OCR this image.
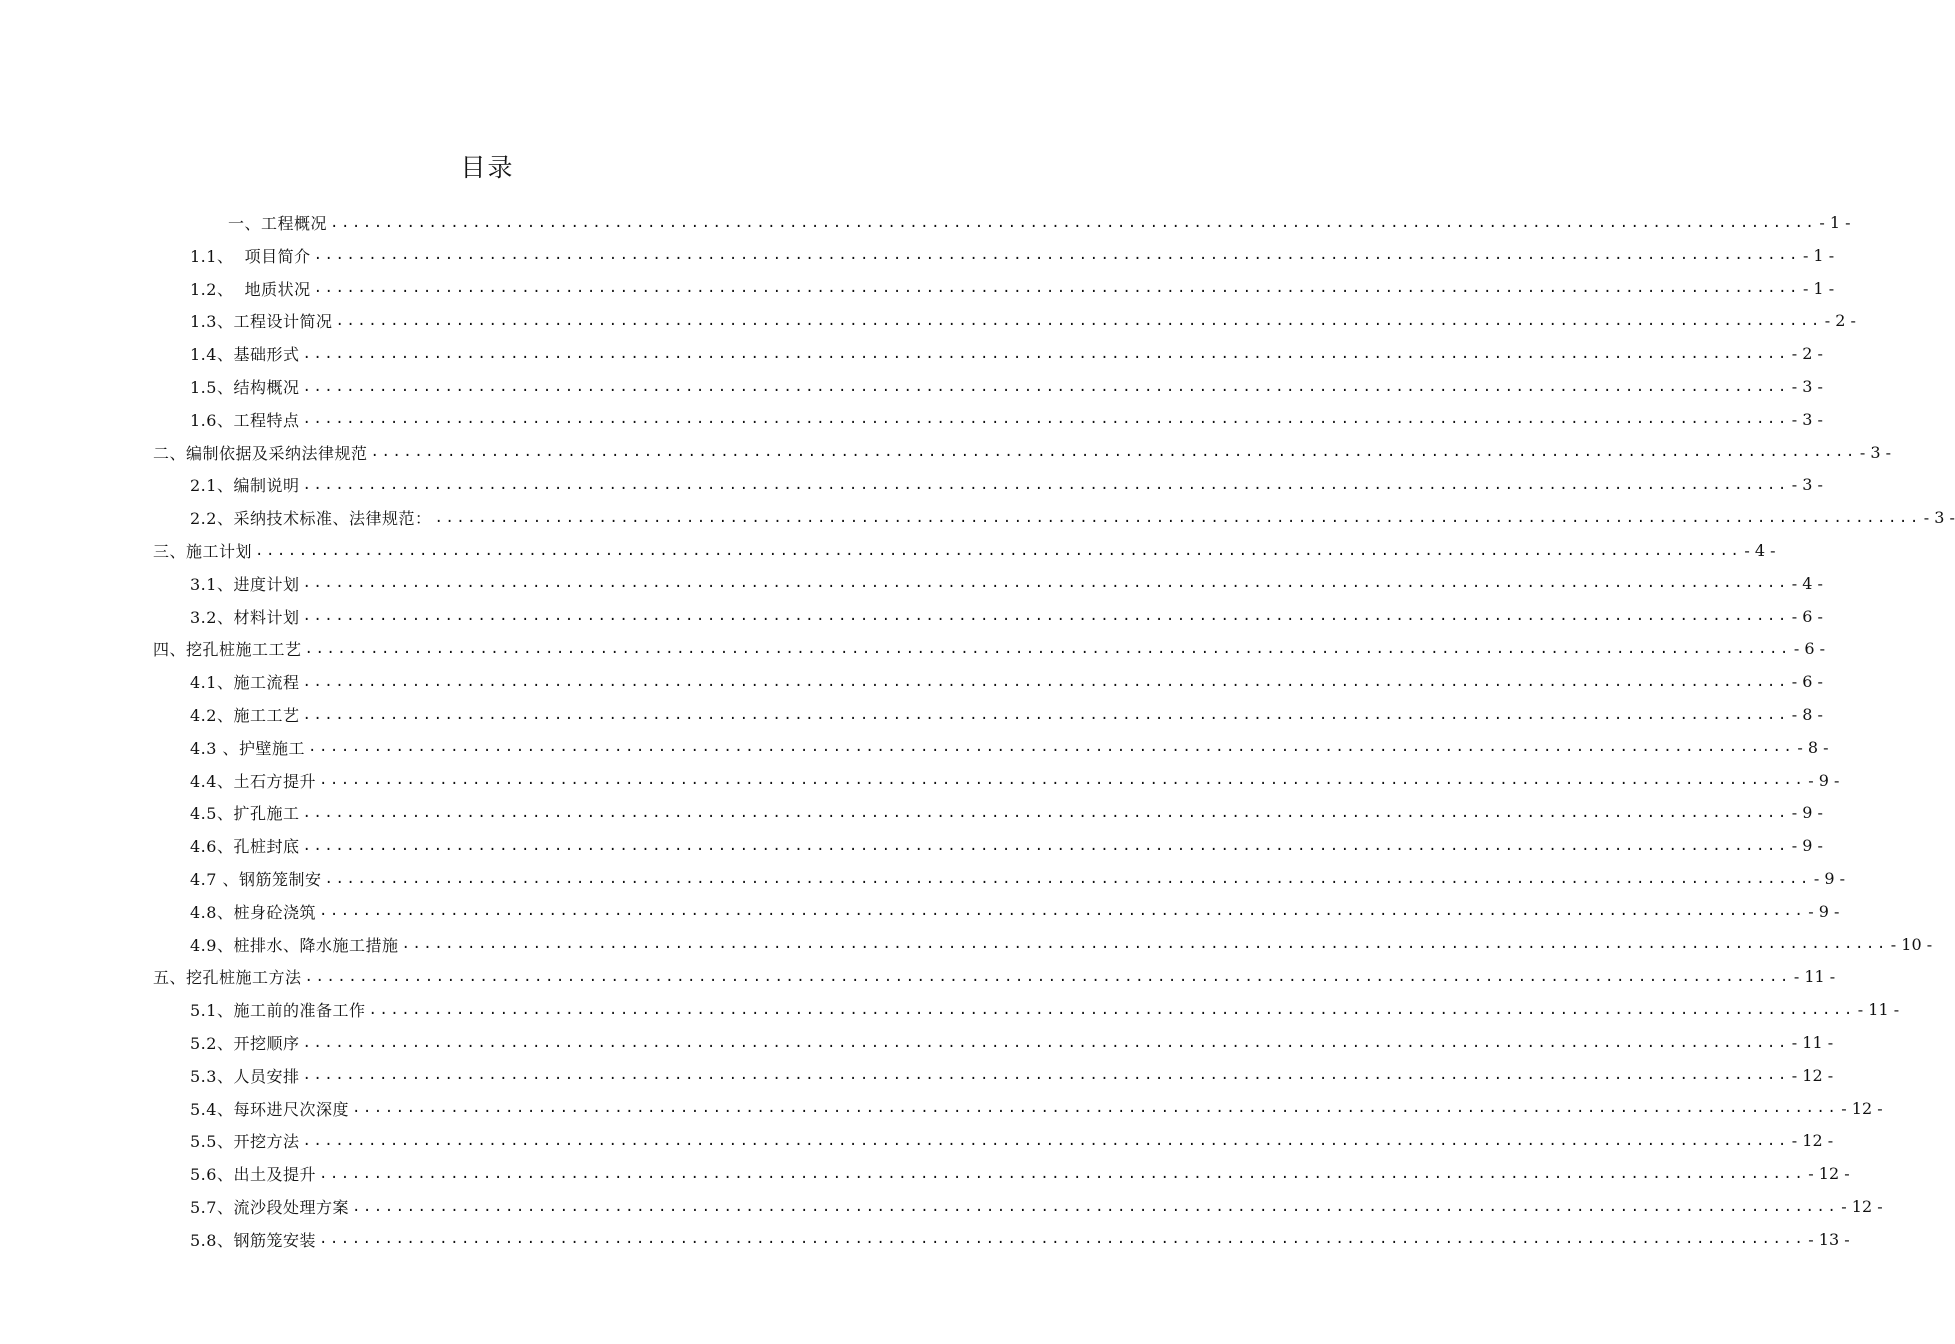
目录
一、工程概况 ........................................................................................................................................ - 1 -
1.1、  项目简介 ........................................................................................................................................ - 1 -
1.2、  地质状况 ........................................................................................................................................ - 1 -
1.3、工程设计简况 ........................................................................................................................................ - 2 -
1.4、基础形式 ........................................................................................................................................ - 2 -
1.5、结构概况 ........................................................................................................................................ - 3 -
1.6、工程特点 ........................................................................................................................................ - 3 -
二、编制依据及采纳法律规范 ........................................................................................................................................ - 3 -
2.1、编制说明 ........................................................................................................................................ - 3 -
2.2、采纳技术标准、法律规范： ........................................................................................................................................ - 3 -
三、施工计划 ........................................................................................................................................ - 4 -
3.1、进度计划 ........................................................................................................................................ - 4 -
3.2、材料计划 ........................................................................................................................................ - 6 -
四、挖孔桩施工工艺 ........................................................................................................................................ - 6 -
4.1、施工流程 ........................................................................................................................................ - 6 -
4.2、施工工艺 ........................................................................................................................................ - 8 -
4.3 、护壁施工 ........................................................................................................................................ - 8 -
4.4、土石方提升 ........................................................................................................................................ - 9 -
4.5、扩孔施工 ........................................................................................................................................ - 9 -
4.6、孔桩封底 ........................................................................................................................................ - 9 -
4.7 、钢筋笼制安 ........................................................................................................................................ - 9 -
4.8、桩身砼浇筑 ........................................................................................................................................ - 9 -
4.9、桩排水、降水施工措施 ........................................................................................................................................ - 10 -
五、挖孔桩施工方法 ........................................................................................................................................ - 11 -
5.1、施工前的准备工作 ........................................................................................................................................ - 11 -
5.2、开挖顺序 ........................................................................................................................................ - 11 -
5.3、人员安排 ........................................................................................................................................ - 12 -
5.4、每环进尺次深度 ........................................................................................................................................ - 12 -
5.5、开挖方法 ........................................................................................................................................ - 12 -
5.6、出土及提升 ........................................................................................................................................ - 12 -
5.7、流沙段处理方案 ........................................................................................................................................ - 12 -
5.8、钢筋笼安装 ........................................................................................................................................ - 13 -
